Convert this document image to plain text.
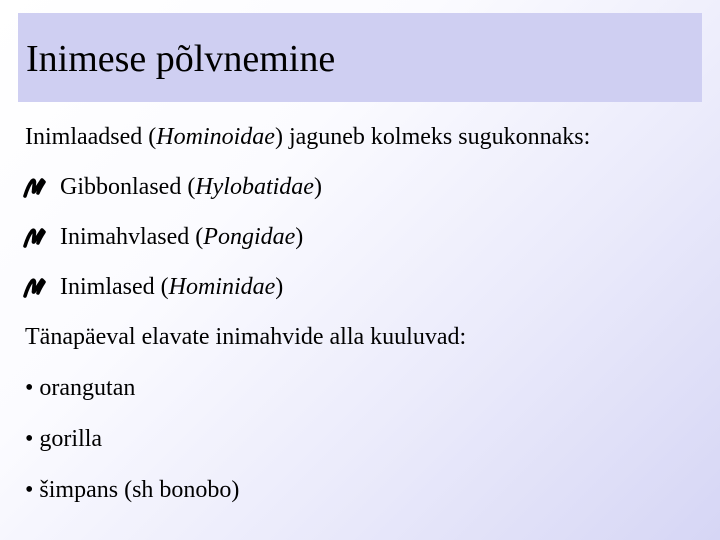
Inimese põlvnemine
Inimlaadsed (Hominoidae) jaguneb kolmeks sugukonnaks:
Gibbonlased (Hylobatidae)
Inimahvlased (Pongidae)
Inimlased (Hominidae)
Tänapäeval elavate inimahvide alla kuuluvad:
• orangutan
• gorilla
• šimpans (sh bonobo)
